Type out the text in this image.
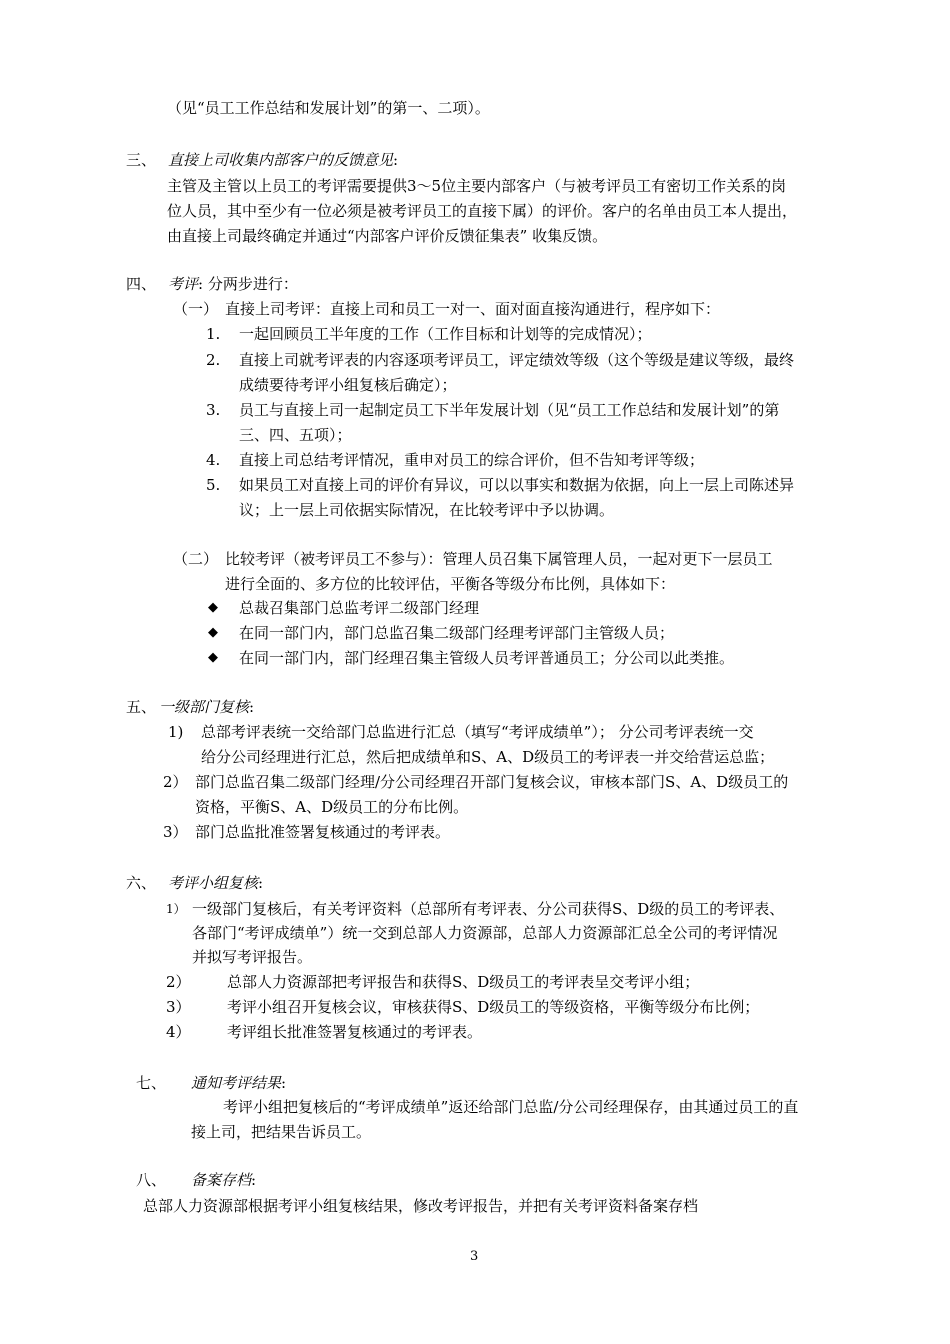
（见“员工工作总结和发展计划”的第一、二项）。
三、 直接上司收集内部客户的反馈意见:
主管及主管以上员工的考评需要提供3～5位主要内部客户（与被考评员工有密切工作关系的岗
位人员，其中至少有一位必须是被考评员工的直接下属）的评价。客户的名单由员工本人提出，
由直接上司最终确定并通过“内部客户评价反馈征集表” 收集反馈。
四、 考评: 分两步进行：
（一） 直接上司考评：直接上司和员工一对一、面对面直接沟通进行，程序如下：
1. 一起回顾员工半年度的工作（工作目标和计划等的完成情况）；
2. 直接上司就考评表的内容逐项考评员工，评定绩效等级（这个等级是建议等级，最终
成绩要待考评小组复核后确定）；
3. 员工与直接上司一起制定员工下半年发展计划（见“员工工作总结和发展计划”的第
三、四、五项）；
4. 直接上司总结考评情况，重申对员工的综合评价，但不告知考评等级；
5. 如果员工对直接上司的评价有异议，可以以事实和数据为依据，向上一层上司陈述异
议；上一层上司依据实际情况，在比较考评中予以协调。
（二） 比较考评（被考评员工不参与）：管理人员召集下属管理人员，一起对更下一层员工
进行全面的、多方位的比较评估，平衡各等级分布比例，具体如下：
◆ 总裁召集部门总监考评二级部门经理
◆ 在同一部门内，部门总监召集二级部门经理考评部门主管级人员；
◆ 在同一部门内，部门经理召集主管级人员考评普通员工；分公司以此类推。
五、 一级部门复核:
1) 总部考评表统一交给部门总监进行汇总（填写“考评成绩单”）； 分公司考评表统一交
给分公司经理进行汇总，然后把成绩单和S、A、D级员工的考评表一并交给营运总监；
2） 部门总监召集二级部门经理/分公司经理召开部门复核会议，审核本部门S、A、D级员工的
资格，平衡S、A、D级员工的分布比例。
3） 部门总监批准签署复核通过的考评表。
六、 考评小组复核:
1） 一级部门复核后，有关考评资料（总部所有考评表、分公司获得S、D级的员工的考评表、
各部门“考评成绩单”）统一交到总部人力资源部，总部人力资源部汇总全公司的考评情况
并拟写考评报告。
2） 总部人力资源部把考评报告和获得S、D级员工的考评表呈交考评小组；
3） 考评小组召开复核会议，审核获得S、D级员工的等级资格，平衡等级分布比例；
4） 考评组长批准签署复核通过的考评表。
七、 通知考评结果:
考评小组把复核后的“考评成绩单”返还给部门总监/分公司经理保存，由其通过员工的直
接上司，把结果告诉员工。
八、 备案存档:
总部人力资源部根据考评小组复核结果，修改考评报告，并把有关考评资料备案存档
3
